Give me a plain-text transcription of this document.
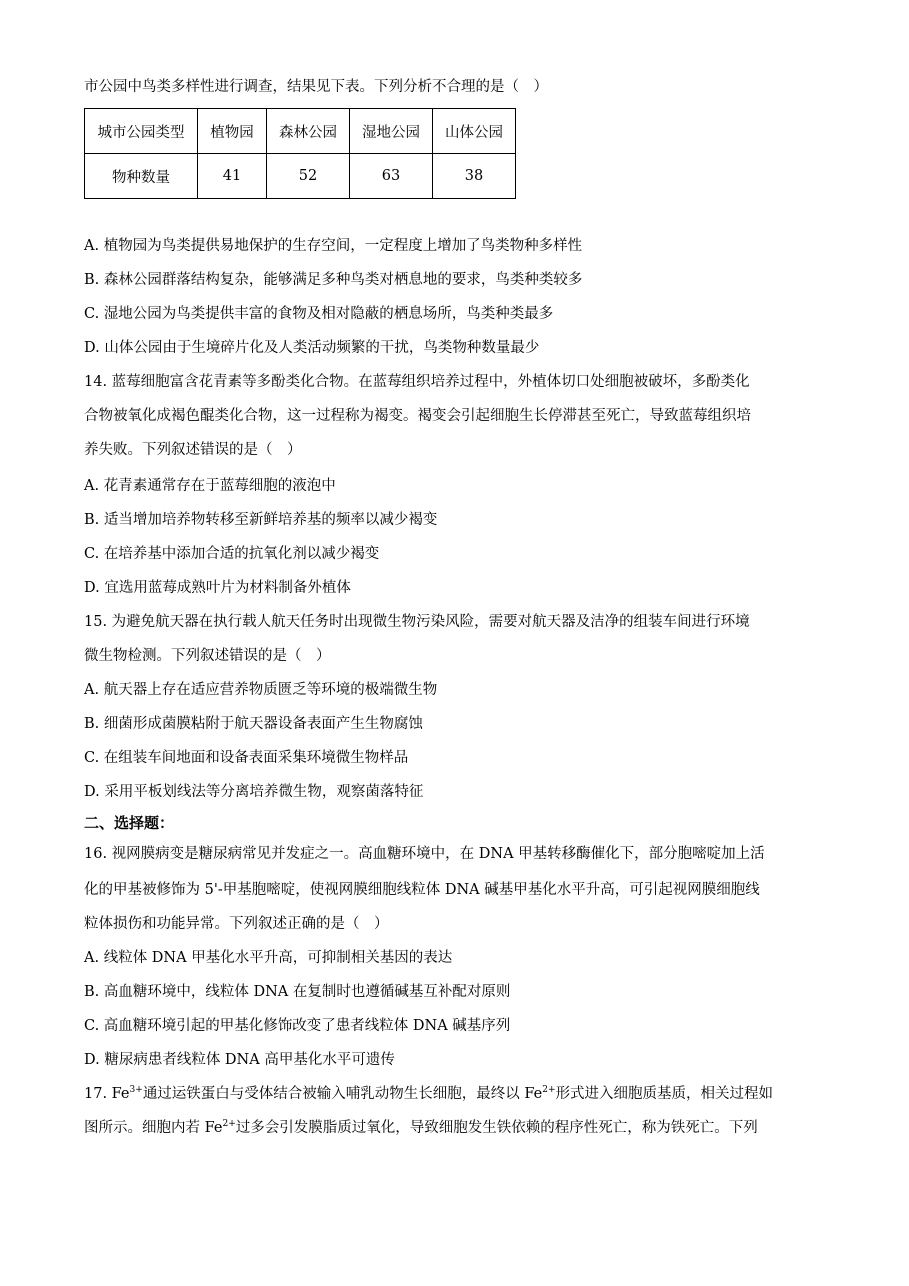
市公园中鸟类多样性进行调查，结果见下表。下列分析不合理的是（　）
城市公园类型	植物园	森林公园	湿地公园	山体公园
物种数量	41	52	63	38
A. 植物园为鸟类提供易地保护的生存空间，一定程度上增加了鸟类物种多样性
B. 森林公园群落结构复杂，能够满足多种鸟类对栖息地的要求，鸟类种类较多
C. 湿地公园为鸟类提供丰富的食物及相对隐蔽的栖息场所，鸟类种类最多
D. 山体公园由于生境碎片化及人类活动频繁的干扰，鸟类物种数量最少
14. 蓝莓细胞富含花青素等多酚类化合物。在蓝莓组织培养过程中，外植体切口处细胞被破坏，多酚类化
合物被氧化成褐色醌类化合物，这一过程称为褐变。褐变会引起细胞生长停滞甚至死亡，导致蓝莓组织培
养失败。下列叙述错误的是（　）
A. 花青素通常存在于蓝莓细胞的液泡中
B. 适当增加培养物转移至新鲜培养基的频率以减少褐变
C. 在培养基中添加合适的抗氧化剂以减少褐变
D. 宜选用蓝莓成熟叶片为材料制备外植体
15. 为避免航天器在执行载人航天任务时出现微生物污染风险，需要对航天器及洁净的组装车间进行环境
微生物检测。下列叙述错误的是（　）
A. 航天器上存在适应营养物质匮乏等环境的极端微生物
B. 细菌形成菌膜粘附于航天器设备表面产生生物腐蚀
C. 在组装车间地面和设备表面采集环境微生物样品
D. 采用平板划线法等分离培养微生物，观察菌落特征
二、选择题：
16. 视网膜病变是糖尿病常见并发症之一。高血糖环境中，在 DNA 甲基转移酶催化下，部分胞嘧啶加上活
化的甲基被修饰为 5'-甲基胞嘧啶，使视网膜细胞线粒体 DNA 碱基甲基化水平升高，可引起视网膜细胞线
粒体损伤和功能异常。下列叙述正确的是（　）
A. 线粒体 DNA 甲基化水平升高，可抑制相关基因的表达
B. 高血糖环境中，线粒体 DNA 在复制时也遵循碱基互补配对原则
C. 高血糖环境引起的甲基化修饰改变了患者线粒体 DNA 碱基序列
D. 糖尿病患者线粒体 DNA 高甲基化水平可遗传
17. $Fe^{3+}$通过运铁蛋白与受体结合被输入哺乳动物生长细胞，最终以 $Fe^{2+}$形式进入细胞质基质，相关过程如
图所示。细胞内若 $Fe^{2+}$过多会引发膜脂质过氧化，导致细胞发生铁依赖的程序性死亡，称为铁死亡。下列
